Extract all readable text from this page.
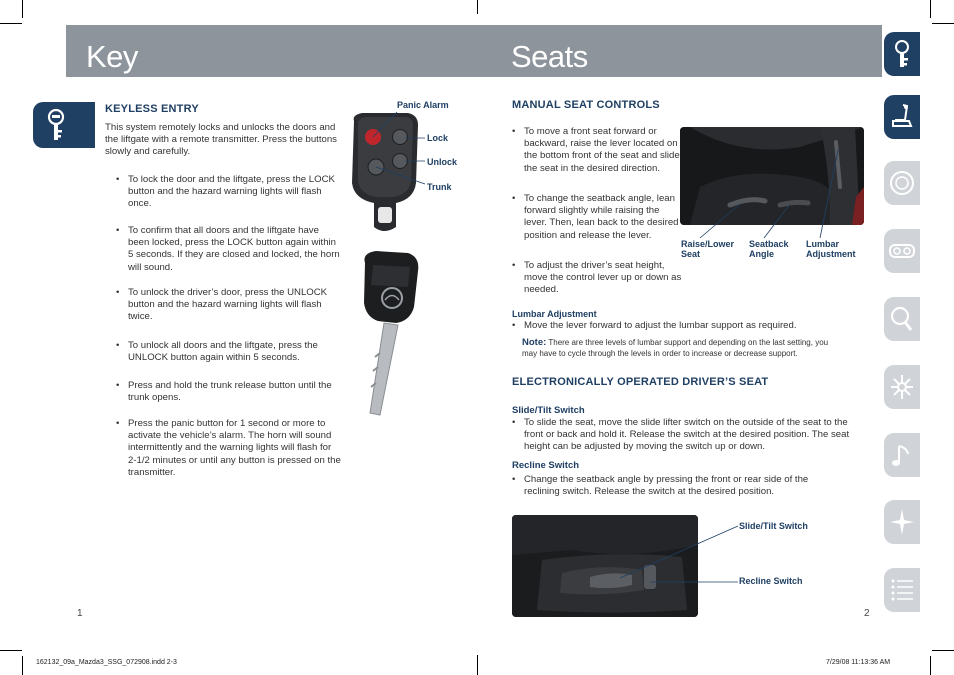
Key	Seats
KEYLESS ENTRY

This system remotely locks and unlocks the doors and the liftgate with a remote transmitter. Press the buttons slowly and carefully.

• To lock the door and the liftgate, press the LOCK button and the hazard warning lights will flash once.
• To confirm that all doors and the liftgate have been locked, press the LOCK button again within 5 seconds. If they are closed and locked, the horn will sound.
• To unlock the driver’s door, press the UNLOCK button and the hazard warning lights will flash twice.
• To unlock all doors and the liftgate, press the UNLOCK button again within 5 seconds.
• Press and hold the trunk release button until the trunk opens.
• Press the panic button for 1 second or more to activate the vehicle’s alarm. The horn will sound intermittently and the warning lights will flash for 2-1/2 minutes or until any button is pressed on the transmitter.
Panic Alarm
Lock
Unlock
Trunk
1
MANUAL SEAT CONTROLS
• To move a front seat forward or backward, raise the lever located on the bottom front of the seat and slide the seat in the desired direction.
• To change the seatback angle, lean forward slightly while raising the lever. Then, lean back to the desired position and release the lever.
• To adjust the driver’s seat height, move the control lever up or down as needed.
Raise/Lower Seat
Seatback Angle
Lumbar Adjustment
Lumbar Adjustment
• Move the lever forward to adjust the lumbar support as required.
Note: There are three levels of lumbar support and depending on the last setting, you may have to cycle through the levels in order to increase or decrease support.
ELECTRONICALLY OPERATED DRIVER’S SEAT
Slide/Tilt Switch
• To slide the seat, move the slide lifter switch on the outside of the seat to the front or back and hold it. Release the switch at the desired position. The seat height can be adjusted by moving the switch up or down.
Recline Switch
• Change the seatback angle by pressing the front or rear side of the reclining switch. Release the switch at the desired position.
Slide/Tilt Switch
Recline Switch
2
162132_09a_Mazda3_SSG_072908.indd 2-3	7/29/08 11:13:36 AM
